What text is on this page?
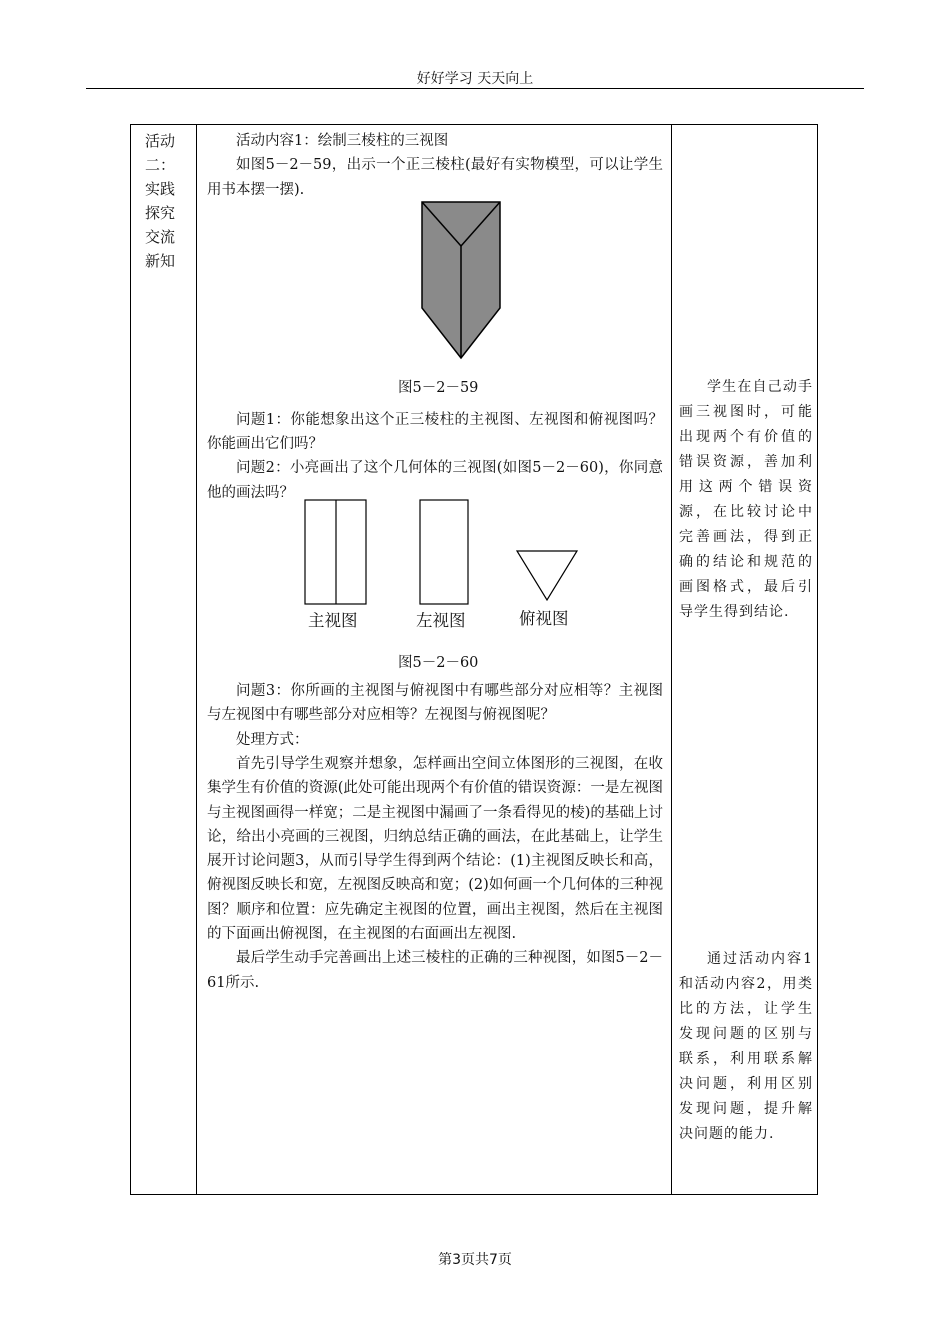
好好学习 天天向上
活动
二：
实践
探究
交流
新知

活动内容1：绘制三棱柱的三视图

如图5－2－59，出示一个正三棱柱(最好有实物模型，可以让学生用书本摆一摆).

问题1：你能想象出这个正三棱柱的主视图、左视图和俯视图吗？你能画出它们吗？

问题2：小亮画出了这个几何体的三视图(如图5－2－60)，你同意他的画法吗？

问题3：你所画的主视图与俯视图中有哪些部分对应相等？主视图与左视图中有哪些部分对应相等？左视图与俯视图呢？

处理方式：

首先引导学生观察并想象，怎样画出空间立体图形的三视图，在收集学生有价值的资源(此处可能出现两个有价值的错误资源：一是左视图与主视图画得一样宽；二是主视图中漏画了一条看得见的棱)的基础上讨论，给出小亮画的三视图，归纳总结正确的画法，在此基础上，让学生展开讨论问题3，从而引导学生得到两个结论：(1)主视图反映长和高，俯视图反映长和宽，左视图反映高和宽；(2)如何画一个几何体的三种视图？顺序和位置：应先确定主视图的位置，画出主视图，然后在主视图的下面画出俯视图，在主视图的右面画出左视图.

最后学生动手完善画出上述三棱柱的正确的三种视图，如图5－2－61所示.

学生在自己动手画三视图时，可能出现两个有价值的错误资源，善加利用这两个错误资源，在比较讨论中完善画法，得到正确的结论和规范的画图格式，最后引导学生得到结论.

通过活动内容1和活动内容2，用类比的方法，让学生发现问题的区别与联系，利用联系解决问题，利用区别发现问题，提升解决问题的能力.

图5－2－59
主视图	左视图	俯视图
图5－2－60
第3页共7页
